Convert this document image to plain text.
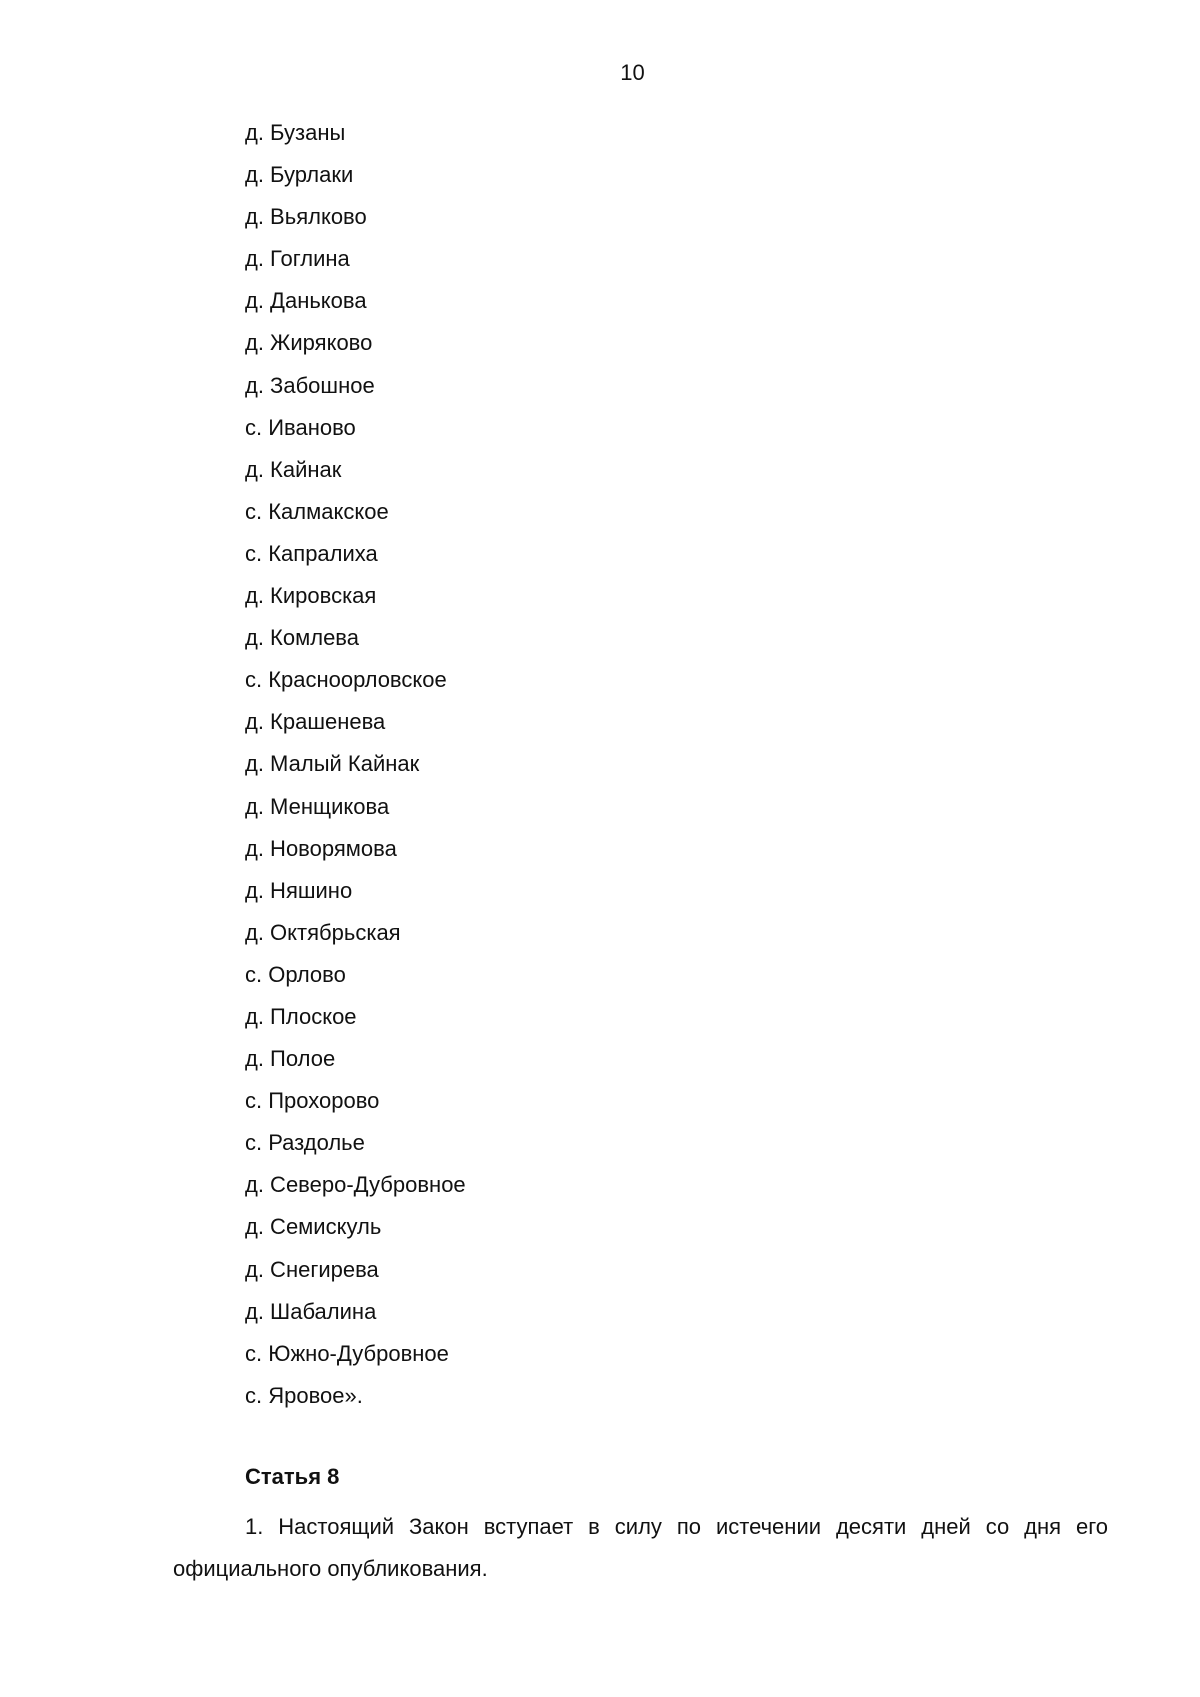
10
д. Бузаны
д. Бурлаки
д. Вьялково
д. Гоглина
д. Данькова
д. Жиряково
д. Забошное
с. Иваново
д. Кайнак
с. Калмакское
с. Капралиха
д. Кировская
д. Комлева
с. Красноорловское
д. Крашенева
д. Малый Кайнак
д. Менщикова
д. Новорямова
д. Няшино
д. Октябрьская
с. Орлово
д. Плоское
д. Полое
с. Прохорово
с. Раздолье
д. Северо-Дубровное
д. Семискуль
д. Снегирева
д. Шабалина
с. Южно-Дубровное
с. Яровое».
Статья 8

1. Настоящий Закон вступает в силу по истечении десяти дней со дня его официального опубликования.
